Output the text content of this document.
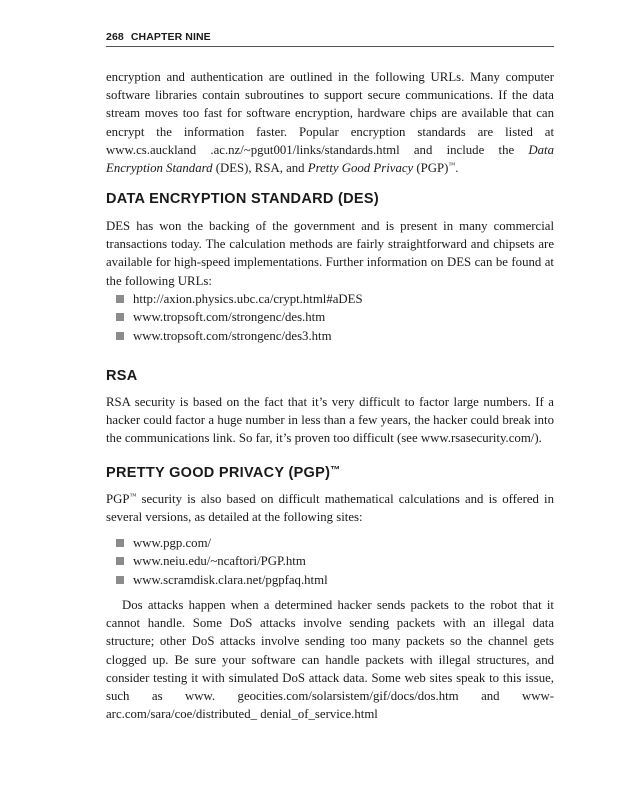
268 CHAPTER NINE

encryption and authentication are outlined in the following URLs. Many computer software libraries contain subroutines to support secure communications. If the data stream moves too fast for software encryption, hardware chips are available that can encrypt the information faster. Popular encryption standards are listed at www.cs.auckland .ac.nz/~pgut001/links/standards.html and include the Data Encryption Standard (DES), RSA, and Pretty Good Privacy (PGP)™.

DATA ENCRYPTION STANDARD (DES)

DES has won the backing of the government and is present in many commercial transactions today. The calculation methods are fairly straightforward and chipsets are available for high-speed implementations. Further information on DES can be found at the following URLs:

http://axion.physics.ubc.ca/crypt.html#aDES
www.tropsoft.com/strongenc/des.htm
www.tropsoft.com/strongenc/des3.htm
RSA

RSA security is based on the fact that it’s very difficult to factor large numbers. If a hacker could factor a huge number in less than a few years, the hacker could break into the communications link. So far, it’s proven too difficult (see www.rsasecurity.com/).

PRETTY GOOD PRIVACY (PGP)™

PGP™ security is also based on difficult mathematical calculations and is offered in several versions, as detailed at the following sites:

www.pgp.com/
www.neiu.edu/~ncaftori/PGP.htm
www.scramdisk.clara.net/pgpfaq.html

Dos attacks happen when a determined hacker sends packets to the robot that it cannot handle. Some DoS attacks involve sending packets with an illegal data structure; other DoS attacks involve sending too many packets so the channel gets clogged up. Be sure your software can handle packets with illegal structures, and consider testing it with simulated DoS attack data. Some web sites speak to this issue, such as www. geocities.com/solarsistem/gif/docs/dos.htm and www-arc.com/sara/coe/distributed_ denial_of_service.html
